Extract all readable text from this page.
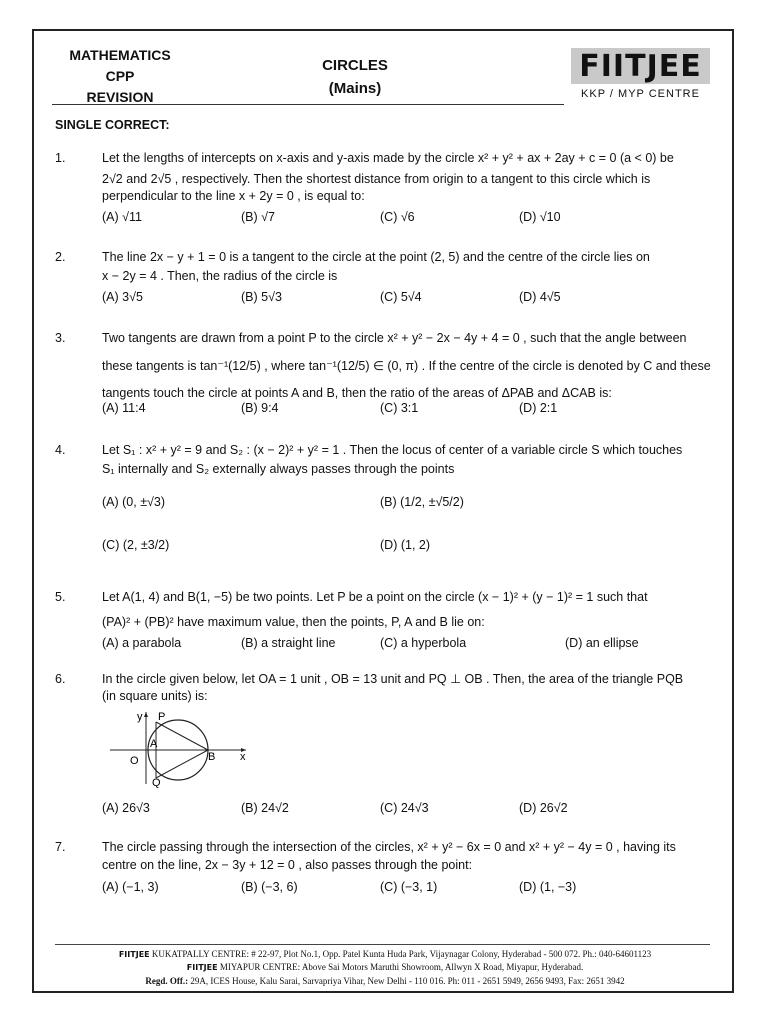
MATHEMATICS
CPP
REVISION
CIRCLES
(Mains)
FIITJEE
KKP / MYP CENTRE
SINGLE CORRECT:
1.	Let the lengths of intercepts on x-axis and y-axis made by the circle x² + y² + ax + 2ay + c = 0 (a < 0) be
2√2 and 2√5 , respectively. Then the shortest distance from origin to a tangent to this circle which is
perpendicular to the line x + 2y = 0 , is equal to:
(A) √11	(B) √7	(C) √6	(D) √10
2.	The line 2x − y + 1 = 0 is a tangent to the circle at the point (2, 5) and the centre of the circle lies on
x − 2y = 4 . Then, the radius of the circle is
(A) 3√5	(B) 5√3	(C) 5√4	(D) 4√5
3.	Two tangents are drawn from a point P to the circle x² + y² − 2x − 4y + 4 = 0 , such that the angle between
these tangents is tan⁻¹(12/5) , where tan⁻¹(12/5) ∈ (0, π) . If the centre of the circle is denoted by C and these
tangents touch the circle at points A and B, then the ratio of the areas of ΔPAB and ΔCAB is:
(A) 11:4	(B) 9:4	(C) 3:1	(D) 2:1
4.	Let S₁ : x² + y² = 9 and S₂ : (x − 2)² + y² = 1 . Then the locus of center of a variable circle S which touches
S₁ internally and S₂ externally always passes through the points
(A) (0, ±√3)	(B) (1/2, ±√5/2)
(C) (2, ±3/2)	(D) (1, 2)
5.	Let A(1, 4) and B(1, −5) be two points. Let P be a point on the circle (x − 1)² + (y − 1)² = 1 such that
(PA)² + (PB)² have maximum value, then the points, P, A and B lie on:
(A) a parabola	(B) a straight line	(C) a hyperbola	(D) an ellipse
6.	In the circle given below, let OA = 1 unit , OB = 13 unit and PQ ⊥ OB . Then, the area of the triangle PQB
(in square units) is:
y P
A
B x
O
Q
(A) 26√3	(B) 24√2	(C) 24√3	(D) 26√2
7.	The circle passing through the intersection of the circles, x² + y² − 6x = 0 and x² + y² − 4y = 0 , having its
centre on the line, 2x − 3y + 12 = 0 , also passes through the point:
(A) (−1, 3)	(B) (−3, 6)	(C) (−3, 1)	(D) (1, −3)
FIITJEE KUKATPALLY CENTRE: # 22-97, Plot No.1, Opp. Patel Kunta Huda Park, Vijaynagar Colony, Hyderabad - 500 072. Ph.: 040-64601123
FIITJEE MIYAPUR CENTRE: Above Sai Motors Maruthi Showroom, Allwyn X Road, Miyapur, Hyderabad.
Regd. Off.: 29A, ICES House, Kalu Sarai, Sarvapriya Vihar, New Delhi - 110 016. Ph: 011 - 2651 5949, 2656 9493, Fax: 2651 3942
